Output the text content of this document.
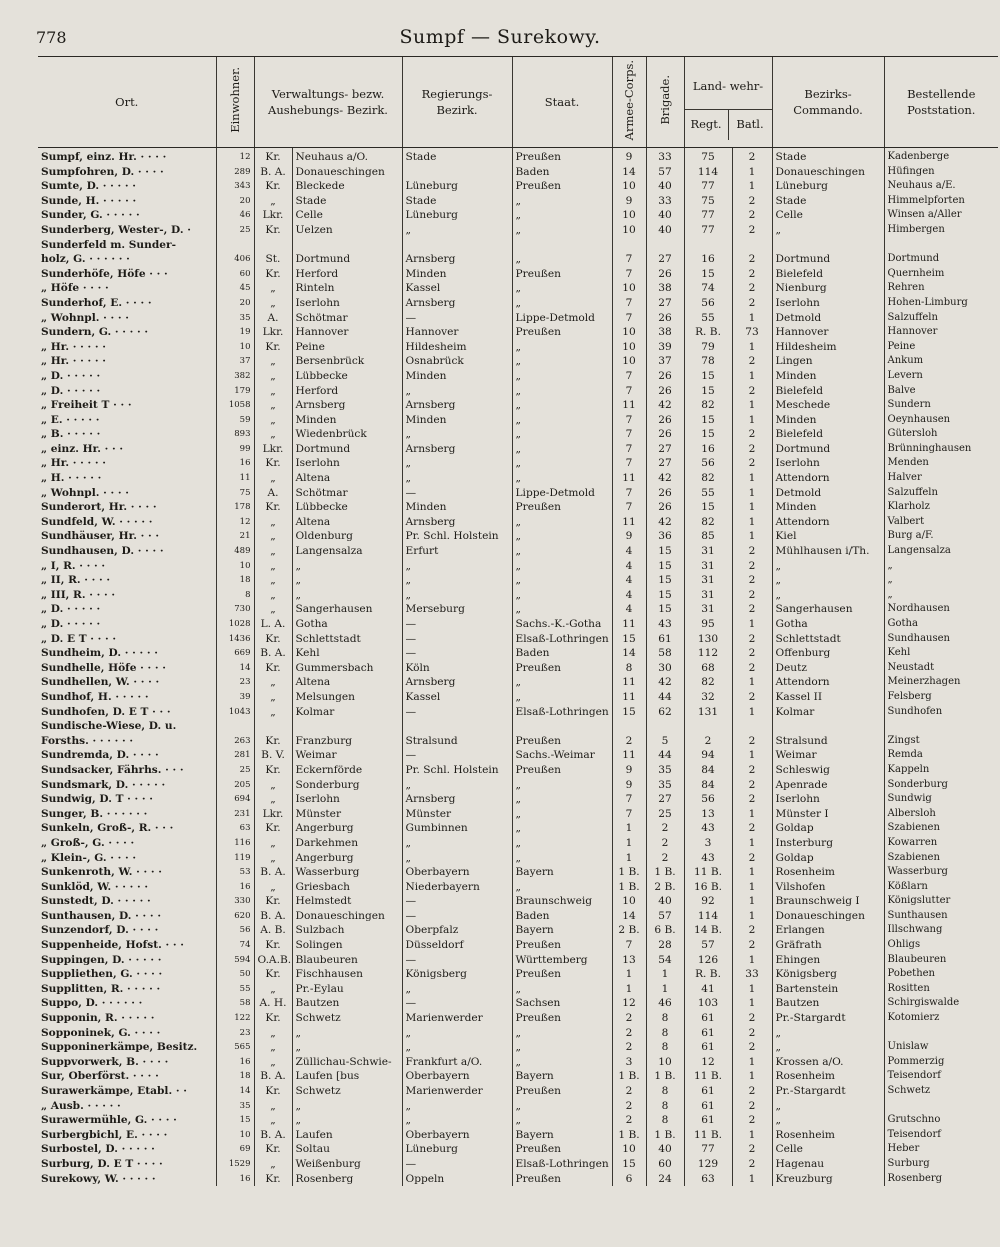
778	Sumpf — Surekowy.
Ort.	Einwohner.	Verwaltungs- bezw. Aushebungs- Bezirk.		Regierungs- Bezirk.	Staat.	Armee-Corps.	Brigade.	Land- wehr-
Regt. Batl.		Bezirks- Commando.	Bestellende Poststation.
Sumpf, einz. Hr. · · · ·	12	Kr.	Neuhaus a/O.	Stade	Preußen	9	33	75	2	Stade	Kadenberge
Sumpfohren, D. · · · ·	289	B. A.	Donaueschingen		Baden	14	57	114	1	Donaueschingen	Hüfingen
Sumte, D. · · · · ·	343	Kr.	Bleckede	Lüneburg	Preußen	10	40	77	1	Lüneburg	Neuhaus a/E.
Sunde, H. · · · · ·	20	„	Stade	Stade	„	9	33	75	2	Stade	Himmelpforten
Sunder, G. · · · · ·	46	Lkr.	Celle	Lüneburg	„	10	40	77	2	Celle	Winsen a/Aller
Sunderberg, Wester-, D. ·	25	Kr.	Uelzen	„	„	10	40	77	2	„	Himbergen
Sunderfeld m. Sunder-											
holz, G. · · · · · ·	406	St.	Dortmund	Arnsberg	„	7	27	16	2	Dortmund	Dortmund
Sunderhöfe, Höfe · · ·	60	Kr.	Herford	Minden	Preußen	7	26	15	2	Bielefeld	Quernheim
„ Höfe · · · ·	45	„	Rinteln	Kassel	„	10	38	74	2	Nienburg	Rehren
Sunderhof, E. · · · ·	20	„	Iserlohn	Arnsberg	„	7	27	56	2	Iserlohn	Hohen-Limburg
„ Wohnpl. · · · ·	35	A.	Schötmar	—	Lippe-Detmold	7	26	55	1	Detmold	Salzuffeln
Sundern, G. · · · · ·	19	Lkr.	Hannover	Hannover	Preußen	10	38	R. B.	73	Hannover	Hannover
„ Hr. · · · · ·	10	Kr.	Peine	Hildesheim	„	10	39	79	1	Hildesheim	Peine
„ Hr. · · · · ·	37	„	Bersenbrück	Osnabrück	„	10	37	78	2	Lingen	Ankum
„ D. · · · · ·	382	„	Lübbecke	Minden	„	7	26	15	1	Minden	Levern
„ D. · · · · ·	179	„	Herford	„	„	7	26	15	2	Bielefeld	Balve
„ Freiheit T · · ·	1058	„	Arnsberg	Arnsberg	„	11	42	82	1	Meschede	Sundern
„ E. · · · · ·	59	„	Minden	Minden	„	7	26	15	1	Minden	Oeynhausen
„ B. · · · · ·	893	„	Wiedenbrück	„	„	7	26	15	2	Bielefeld	Gütersloh
„ einz. Hr. · · ·	99	Lkr.	Dortmund	Arnsberg	„	7	27	16	2	Dortmund	Brünninghausen
„ Hr. · · · · ·	16	Kr.	Iserlohn	„	„	7	27	56	2	Iserlohn	Menden
„ H. · · · · ·	11	„	Altena	„	„	11	42	82	1	Attendorn	Halver
„ Wohnpl. · · · ·	75	A.	Schötmar	—	Lippe-Detmold	7	26	55	1	Detmold	Salzuffeln
Sunderort, Hr. · · · ·	178	Kr.	Lübbecke	Minden	Preußen	7	26	15	1	Minden	Klarholz
Sundfeld, W. · · · · ·	12	„	Altena	Arnsberg	„	11	42	82	1	Attendorn	Valbert
Sundhäuser, Hr. · · ·	21	„	Oldenburg	Pr. Schl. Holstein	„	9	36	85	1	Kiel	Burg a/F.
Sundhausen, D. · · · ·	489	„	Langensalza	Erfurt	„	4	15	31	2	Mühlhausen i/Th.	Langensalza
„ I, R. · · · ·	10	„	„	„	„	4	15	31	2	„	„
„ II, R. · · · ·	18	„	„	„	„	4	15	31	2	„	„
„ III, R. · · · ·	8	„	„	„	„	4	15	31	2	„	„
„ D. · · · · ·	730	„	Sangerhausen	Merseburg	„	4	15	31	2	Sangerhausen	Nordhausen
„ D. · · · · ·	1028	L. A.	Gotha	—	Sachs.-K.-Gotha	11	43	95	1	Gotha	Gotha
„ D. E T · · · ·	1436	Kr.	Schlettstadt	—	Elsaß-Lothringen	15	61	130	2	Schlettstadt	Sundhausen
Sundheim, D. · · · · ·	669	B. A.	Kehl	—	Baden	14	58	112	2	Offenburg	Kehl
Sundhelle, Höfe · · · ·	14	Kr.	Gummersbach	Köln	Preußen	8	30	68	2	Deutz	Neustadt
Sundhellen, W. · · · ·	23	„	Altena	Arnsberg	„	11	42	82	1	Attendorn	Meinerzhagen
Sundhof, H. · · · · ·	39	„	Melsungen	Kassel	„	11	44	32	2	Kassel II	Felsberg
Sundhofen, D. E T · · ·	1043	„	Kolmar	—	Elsaß-Lothringen	15	62	131	1	Kolmar	Sundhofen
Sundische-Wiese, D. u.											
Forsths. · · · · · ·	263	Kr.	Franzburg	Stralsund	Preußen	2	5	2	2	Stralsund	Zingst
Sundremda, D. · · · ·	281	B. V.	Weimar	—	Sachs.-Weimar	11	44	94	1	Weimar	Remda
Sundsacker, Fährhs. · · ·	25	Kr.	Eckernförde	Pr. Schl. Holstein	Preußen	9	35	84	2	Schleswig	Kappeln
Sundsmark, D. · · · · ·	205	„	Sonderburg	„	„	9	35	84	2	Apenrade	Sonderburg
Sundwig, D. T · · · ·	694	„	Iserlohn	Arnsberg	„	7	27	56	2	Iserlohn	Sundwig
Sunger, B. · · · · · ·	231	Lkr.	Münster	Münster	„	7	25	13	1	Münster I	Albersloh
Sunkeln, Groß-, R. · · ·	63	Kr.	Angerburg	Gumbinnen	„	1	2	43	2	Goldap	Szabienen
„ Groß-, G. · · · ·	116	„	Darkehmen	„	„	1	2	3	1	Insterburg	Kowarren
„ Klein-, G. · · · ·	119	„	Angerburg	„	„	1	2	43	2	Goldap	Szabienen
Sunkenroth, W. · · · ·	53	B. A.	Wasserburg	Oberbayern	Bayern	1 B.	1 B.	11 B.	1	Rosenheim	Wasserburg
Sunklöd, W. · · · · ·	16	„	Griesbach	Niederbayern	„	1 B.	2 B.	16 B.	1	Vilshofen	Kößlarn
Sunstedt, D. · · · · ·	330	Kr.	Helmstedt	—	Braunschweig	10	40	92	1	Braunschweig I	Königslutter
Sunthausen, D. · · · ·	620	B. A.	Donaueschingen	—	Baden	14	57	114	1	Donaueschingen	Sunthausen
Sunzendorf, D. · · · ·	56	A. B.	Sulzbach	Oberpfalz	Bayern	2 B.	6 B.	14 B.	2	Erlangen	Illschwang
Suppenheide, Hofst. · · ·	74	Kr.	Solingen	Düsseldorf	Preußen	7	28	57	2	Gräfrath	Ohligs
Suppingen, D. · · · · ·	594	O.A.B.	Blaubeuren	—	Württemberg	13	54	126	1	Ehingen	Blaubeuren
Suppliethen, G. · · · ·	50	Kr.	Fischhausen	Königsberg	Preußen	1	1	R. B.	33	Königsberg	Pobethen
Supplitten, R. · · · · ·	55	„	Pr.-Eylau	„	„	1	1	41	1	Bartenstein	Rositten
Suppo, D. · · · · · ·	58	A. H.	Bautzen	—	Sachsen	12	46	103	1	Bautzen	Schirgiswalde
Supponin, R. · · · · ·	122	Kr.	Schwetz	Marienwerder	Preußen	2	8	61	2	Pr.-Stargardt	Kotomierz
Sopponinek, G. · · · ·	23	„	„	„	„	2	8	61	2	„	
Supponinerkämpe, Besitz.	565	„	„	„	„	2	8	61	2	„	Unislaw
Suppvorwerk, B. · · · ·	16	„	Züllichau-Schwie-	Frankfurt a/O.	„	3	10	12	1	Krossen a/O.	Pommerzig
Sur, Oberförst. · · · ·	18	B. A.	Laufen [bus	Oberbayern	Bayern	1 B.	1 B.	11 B.	1	Rosenheim	Teisendorf
Surawerkämpe, Etabl. · ·	14	Kr.	Schwetz	Marienwerder	Preußen	2	8	61	2	Pr.-Stargardt	Schwetz
„ Ausb. · · · · ·	35	„	„	„	„	2	8	61	2	„	
Surawermühle, G. · · · ·	15	„	„	„	„	2	8	61	2	„	Grutschno
Surbergbichl, E. · · · ·	10	B. A.	Laufen	Oberbayern	Bayern	1 B.	1 B.	11 B.	1	Rosenheim	Teisendorf
Surbostel, D. · · · · ·	69	Kr.	Soltau	Lüneburg	Preußen	10	40	77	2	Celle	Heber
Surburg, D. E T · · · ·	1529	„	Weißenburg	—	Elsaß-Lothringen	15	60	129	2	Hagenau	Surburg
Surekowy, W. · · · · ·	16	Kr.	Rosenberg	Oppeln	Preußen	6	24	63	1	Kreuzburg	Rosenberg
